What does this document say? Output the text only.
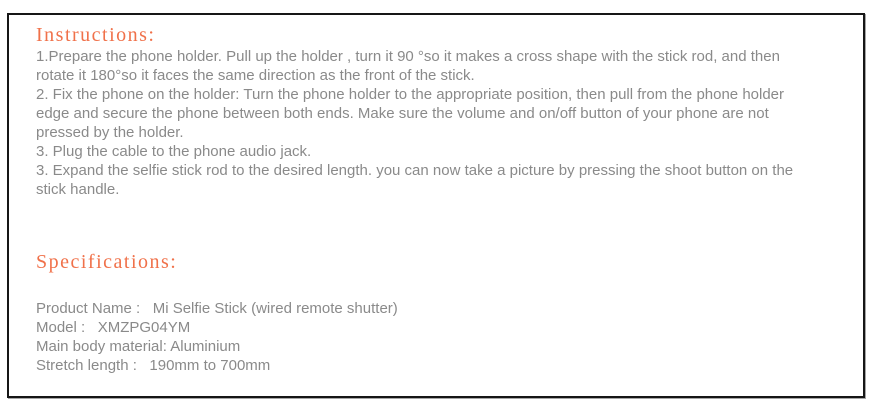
Instructions:
1.Prepare the phone holder. Pull up the holder , turn it 90 °so it makes a cross shape with the stick rod, and then
rotate it 180°so it faces the same direction as the front of the stick.
2. Fix the phone on the holder: Turn the phone holder to the appropriate position, then pull from the phone holder
edge and secure the phone between both ends. Make sure the volume and on/off button of your phone are not
pressed by the holder.
3. Plug the cable to the phone audio jack.
3. Expand the selfie stick rod to the desired length. you can now take a picture by pressing the shoot button on the
stick handle.
Specifications:
Product Name :   Mi Selfie Stick (wired remote shutter)
Model :   XMZPG04YM
Main body material: Aluminium
Stretch length :   190mm to 700mm
